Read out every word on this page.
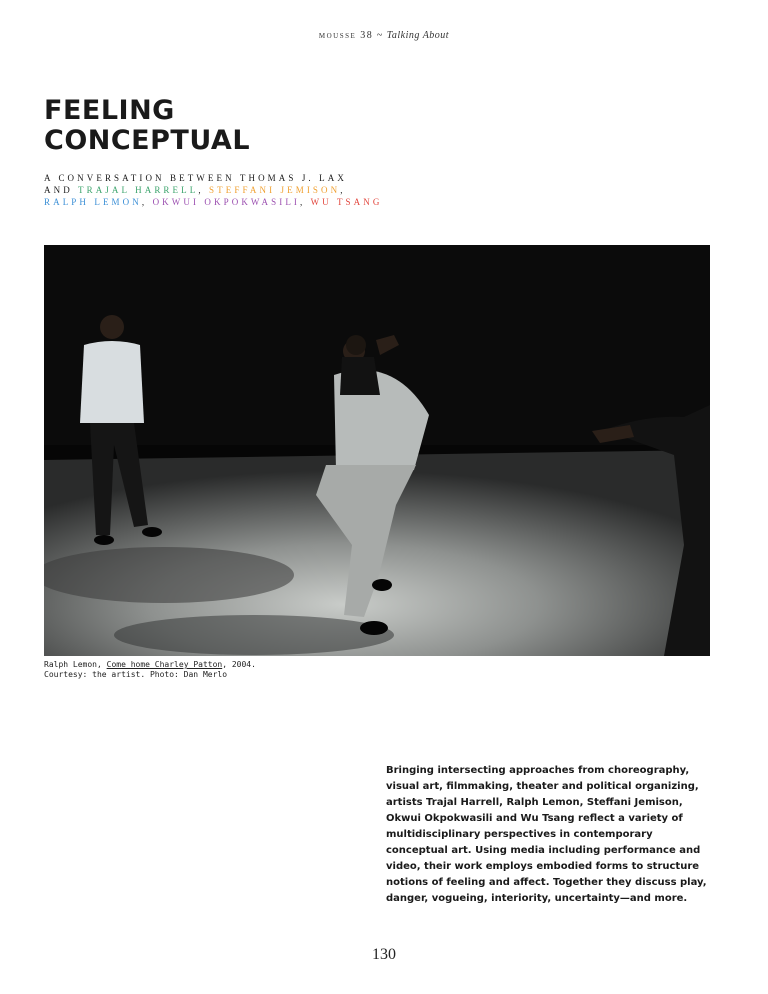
mousse 38 ~ Talking About
FEELING
CONCEPTUAL
A CONVERSATION BETWEEN THOMAS J. LAX
AND TRAJAL HARRELL, STEFFANI JEMISON,
RALPH LEMON, OKWUI OKPOKWASILI, WU TSANG
Ralph Lemon, Come home Charley Patton, 2004.
Courtesy: the artist. Photo: Dan Merlo

Bringing intersecting approaches from choreography, visual art, filmmaking, theater and political organizing, artists Trajal Harrell, Ralph Lemon, Steffani Jemison, Okwui Okpokwasili and Wu Tsang reflect a variety of multidisciplinary perspectives in contemporary conceptual art. Using media including performance and video, their work employs embodied forms to structure notions of feeling and affect. Together they discuss play, danger, vogueing, interiority, uncertainty—and more.

130
